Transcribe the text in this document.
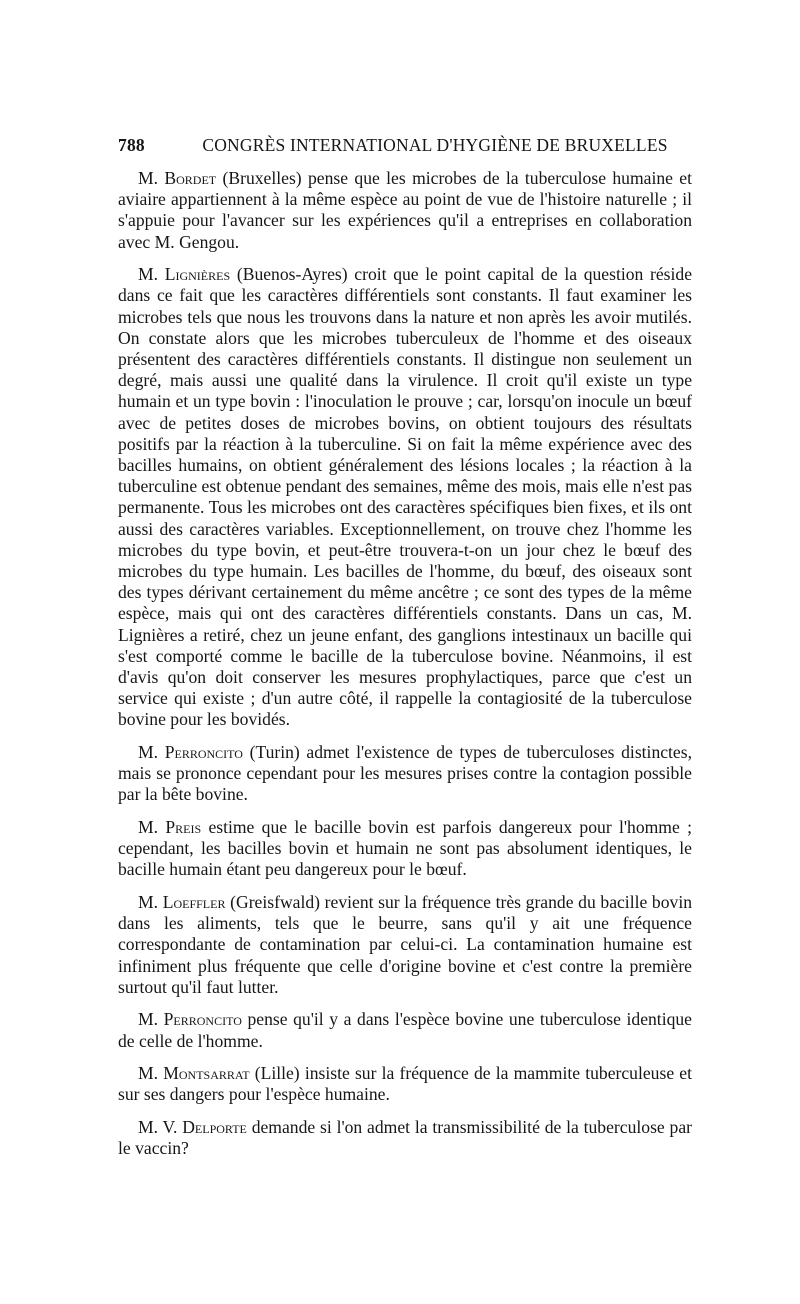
788	CONGRÈS INTERNATIONAL D'HYGIÈNE DE BRUXELLES

M. Bordet (Bruxelles) pense que les microbes de la tuberculose humaine et aviaire appartiennent à la même espèce au point de vue de l'histoire naturelle ; il s'appuie pour l'avancer sur les expériences qu'il a entreprises en collaboration avec M. Gengou.

M. Lignières (Buenos-Ayres) croit que le point capital de la question réside dans ce fait que les caractères différentiels sont constants. Il faut examiner les microbes tels que nous les trouvons dans la nature et non après les avoir mutilés. On constate alors que les microbes tuberculeux de l'homme et des oiseaux présentent des caractères différentiels constants. Il distingue non seulement un degré, mais aussi une qualité dans la virulence. Il croit qu'il existe un type humain et un type bovin : l'inoculation le prouve ; car, lorsqu'on inocule un bœuf avec de petites doses de microbes bovins, on obtient toujours des résultats positifs par la réaction à la tuberculine. Si on fait la même expérience avec des bacilles humains, on obtient généralement des lésions locales ; la réaction à la tuberculine est obtenue pendant des semaines, même des mois, mais elle n'est pas permanente. Tous les microbes ont des caractères spécifiques bien fixes, et ils ont aussi des caractères variables. Exceptionnellement, on trouve chez l'homme les microbes du type bovin, et peut-être trouvera-t-on un jour chez le bœuf des microbes du type humain. Les bacilles de l'homme, du bœuf, des oiseaux sont des types dérivant certainement du même ancêtre ; ce sont des types de la même espèce, mais qui ont des caractères différentiels constants. Dans un cas, M. Lignières a retiré, chez un jeune enfant, des ganglions intestinaux un bacille qui s'est comporté comme le bacille de la tuberculose bovine. Néanmoins, il est d'avis qu'on doit conserver les mesures prophylactiques, parce que c'est un service qui existe ; d'un autre côté, il rappelle la contagiosité de la tuberculose bovine pour les bovidés.

M. Perroncito (Turin) admet l'existence de types de tuberculoses distinctes, mais se prononce cependant pour les mesures prises contre la contagion possible par la bête bovine.

M. Preis estime que le bacille bovin est parfois dangereux pour l'homme ; cependant, les bacilles bovin et humain ne sont pas absolument identiques, le bacille humain étant peu dangereux pour le bœuf.

M. Loeffler (Greisfwald) revient sur la fréquence très grande du bacille bovin dans les aliments, tels que le beurre, sans qu'il y ait une fréquence correspondante de contamination par celui-ci. La contamination humaine est infiniment plus fréquente que celle d'origine bovine et c'est contre la première surtout qu'il faut lutter.

M. Perroncito pense qu'il y a dans l'espèce bovine une tuberculose identique de celle de l'homme.

M. Montsarrat (Lille) insiste sur la fréquence de la mammite tuberculeuse et sur ses dangers pour l'espèce humaine.

M. V. Delporte demande si l'on admet la transmissibilité de la tuberculose par le vaccin?
